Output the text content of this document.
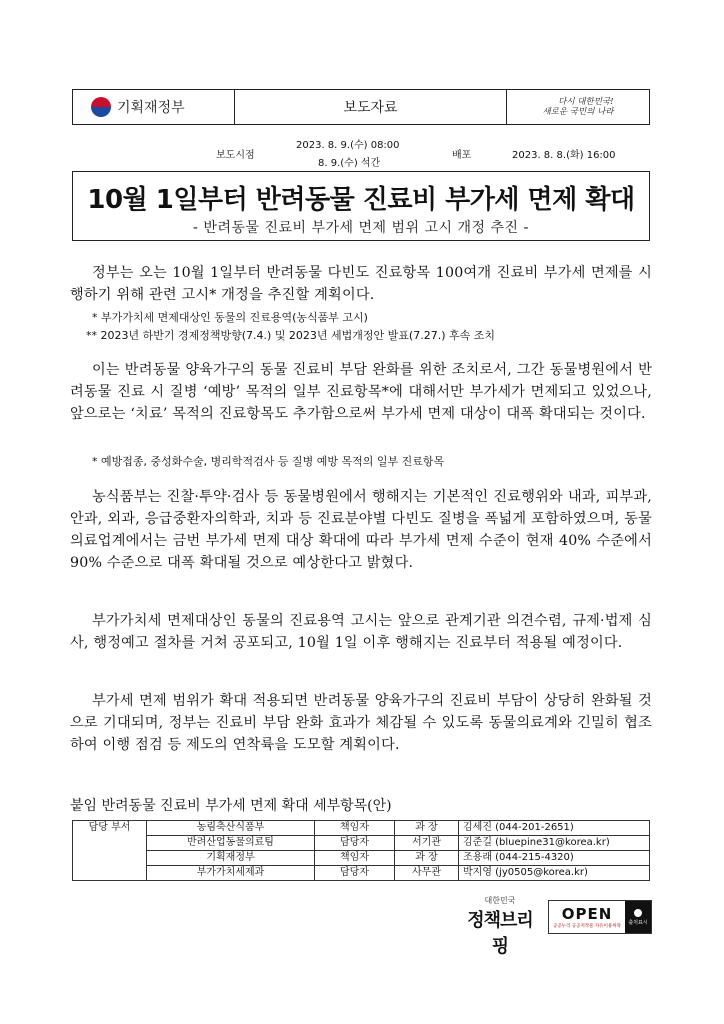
기획재정부	보도자료	다시 대한민국!
새로운 국민의 나라
보도시점
2023. 8. 9.(수) 08:00
8. 9.(수) 석간
배포	2023. 8. 8.(화) 16:00
10월 1일부터 반려동물 진료비 부가세 면제 확대
- 반려동물 진료비 부가세 면제 범위 고시 개정 추진 -
정부는 오는 10월 1일부터 반려동물 다빈도 진료항목 100여개 진료비 부가세 면제를 시행하기 위해 관련 고시* 개정을 추진할 계획이다.
* 부가가치세 면제대상인 동물의 진료용역(농식품부 고시)
** 2023년 하반기 경제정책방향(7.4.) 및 2023년 세법개정안 발표(7.27.) 후속 조치
이는 반려동물 양육가구의 동물 진료비 부담 완화를 위한 조치로서, 그간 동물병원에서 반려동물 진료 시 질병 ‘예방’ 목적의 일부 진료항목*에 대해서만 부가세가 면제되고 있었으나, 앞으로는 ‘치료’ 목적의 진료항목도 추가함으로써 부가세 면제 대상이 대폭 확대되는 것이다.
* 예방접종, 중성화수술, 병리학적검사 등 질병 예방 목적의 일부 진료항목
농식품부는 진찰·투약·검사 등 동물병원에서 행해지는 기본적인 진료행위와 내과, 피부과, 안과, 외과, 응급중환자의학과, 치과 등 진료분야별 다빈도 질병을 폭넓게 포함하였으며, 동물의료업계에서는 금번 부가세 면제 대상 확대에 따라 부가세 면제 수준이 현재 40% 수준에서 90% 수준으로 대폭 확대될 것으로 예상한다고 밝혔다.
부가가치세 면제대상인 동물의 진료용역 고시는 앞으로 관계기관 의견수렴, 규제·법제 심사, 행정예고 절차를 거쳐 공포되고, 10월 1일 이후 행해지는 진료부터 적용될 예정이다.
부가세 면제 범위가 확대 적용되면 반려동물 양육가구의 진료비 부담이 상당히 완화될 것으로 기대되며, 정부는 진료비 부담 완화 효과가 체감될 수 있도록 동물의료계와 긴밀히 협조하여 이행 점검 등 제도의 연착륙을 도모할 계획이다.
붙임 반려동물 진료비 부가세 면제 확대 세부항목(안)
담당 부서	농림축산식품부	책임자	과 장	김세진 (044-201-2651)
	반려산업동물의료팀	담당자	서기관	김준길 (bluepine31@korea.kr)
	기획재정부	책임자	과 장	조용래 (044-215-4320)
	부가가치세제과	담당자	사무관	박지영 (jy0505@korea.kr)
대한민국
정책브리핑
OPEN
공공누리 공공저작물 자유이용허락
출처표시
